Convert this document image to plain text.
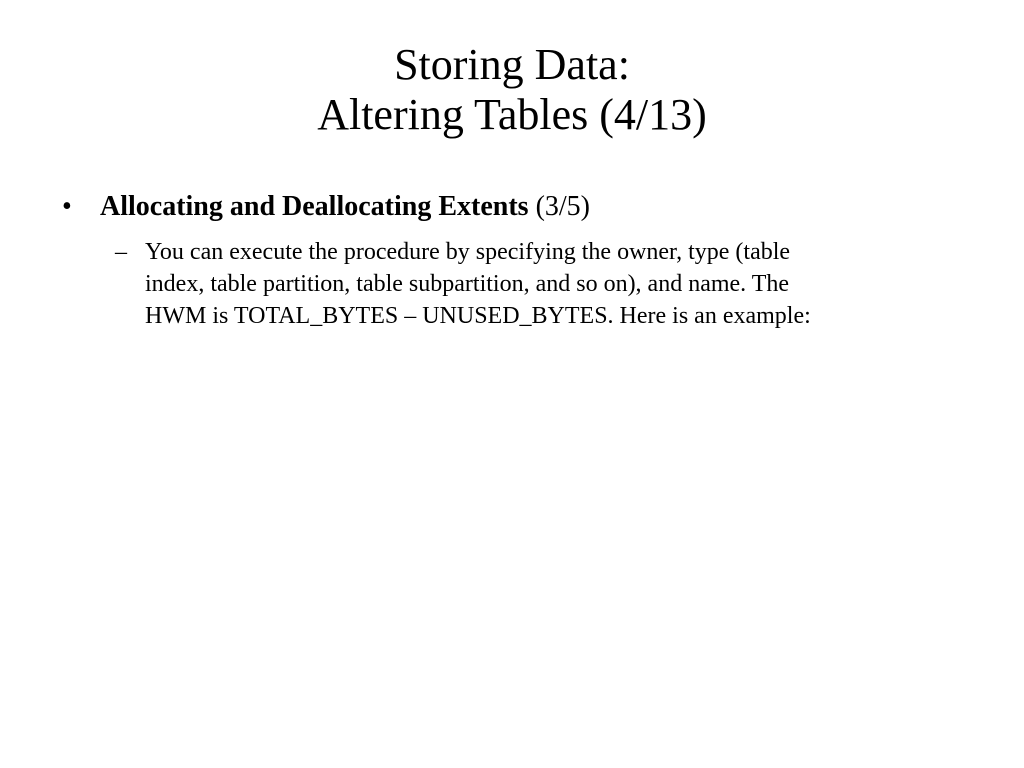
Storing Data:
Altering Tables (4/13)
•	Allocating and Deallocating Extents (3/5)
– You can execute the procedure by specifying the owner, type (table
index, table partition, table subpartition, and so on), and name. The
HWM is TOTAL_BYTES – UNUSED_BYTES. Here is an example:
